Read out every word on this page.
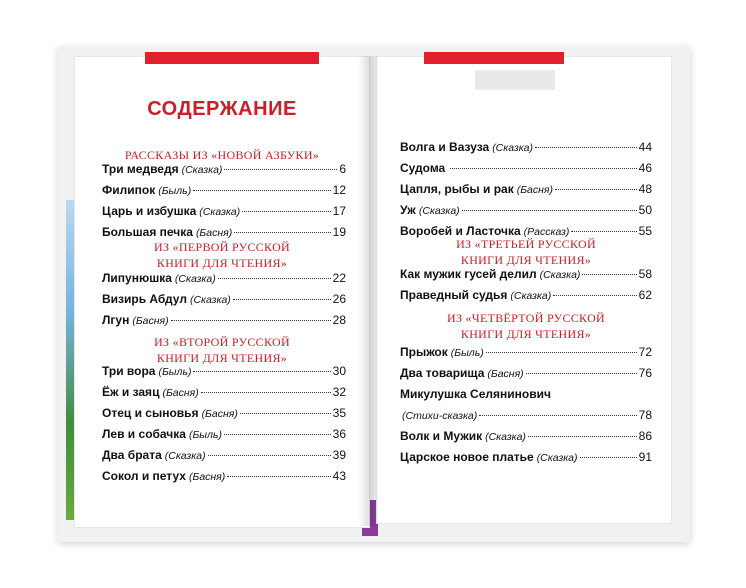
СОДЕРЖАНИЕ
РАССКАЗЫ ИЗ «НОВОЙ АЗБУКИ»
Три медведя (Сказка)	6
Филипок (Быль)	12
Царь и избушка (Сказка)	17
Большая печка (Басня)	19
ИЗ «ПЕРВОЙ РУССКОЙ
КНИГИ ДЛЯ ЧТЕНИЯ»
Липунюшка (Сказка)	22
Визирь Абдул (Сказка)	26
Лгун (Басня)	28
ИЗ «ВТОРОЙ РУССКОЙ
КНИГИ ДЛЯ ЧТЕНИЯ»
Три вора (Быль)	30
Ёж и заяц (Басня)	32
Отец и сыновья (Басня)	35
Лев и собачка (Быль)	36
Два брата (Сказка)	39
Сокол и петух (Басня)	43
Волга и Вазуза (Сказка)	44
Судома	46
Цапля, рыбы и рак (Басня)	48
Уж (Сказка)	50
Воробей и Ласточка (Рассказ)	55
ИЗ «ТРЕТЬЕЙ РУССКОЙ
КНИГИ ДЛЯ ЧТЕНИЯ»
Как мужик гусей делил (Сказка)	58
Праведный судья (Сказка)	62
ИЗ «ЧЕТВЁРТОЙ РУССКОЙ
КНИГИ ДЛЯ ЧТЕНИЯ»
Прыжок (Быль)	72
Два товарища (Басня)	76
Микулушка Селянинович
(Стихи-сказка)	78
Волк и Мужик (Сказка)	86
Царское новое платье (Сказка)	91
